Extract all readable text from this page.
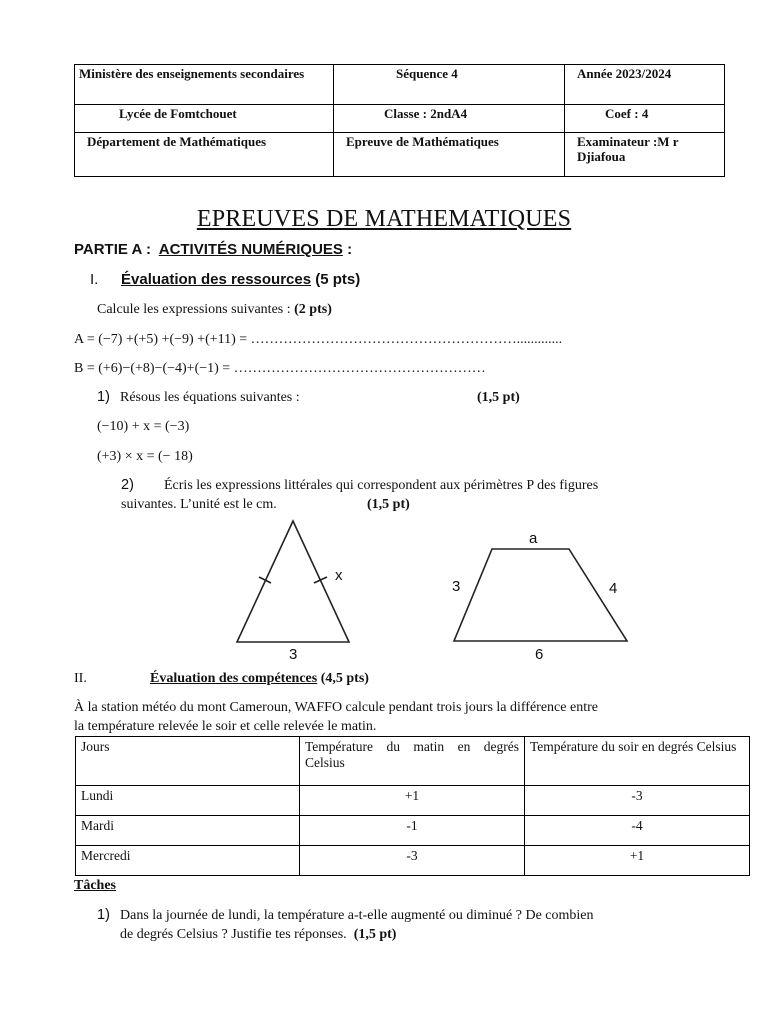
Ministère des enseignements secondaires	Séquence 4	Année 2023/2024
Lycée de Fomtchouet	Classe : 2ndA4	Coef : 4
Département de Mathématiques	Epreuve de Mathématiques	Examinateur :M r Djiafoua
EPREUVES DE MATHEMATIQUES
PARTIE A : ACTIVITÉS NUMÉRIQUES :
I. Évaluation des ressources (5 pts)
Calcule les expressions suivantes : (2 pts)
A = (−7) +(+5) +(−9) +(+11) = ………………………………………………….............
B = (+6)−(+8)−(−4)+(−1) = ………………………………………………
1) Résous les équations suivantes :	(1,5 pt)
(−10) + x = (−3)
(+3) × x = (− 18)
2) Écris les expressions littérales qui correspondent aux périmètres P des figures
suivantes. L’unité est le cm.	(1,5 pt)
x
3
a
3	4
6
II.	Évaluation des compétences (4,5 pts)
À la station météo du mont Cameroun, WAFFO calcule pendant trois jours la différence entre
la température relevée le soir et celle relevée le matin.
Jours	Température du matin en degrés Celsius	Température du soir en degrés Celsius
Lundi	+1	-3
Mardi	-1	-4
Mercredi	-3	+1
Tâches
1) Dans la journée de lundi, la température a-t-elle augmenté ou diminué ? De combien
de degrés Celsius ? Justifie tes réponses. (1,5 pt)
